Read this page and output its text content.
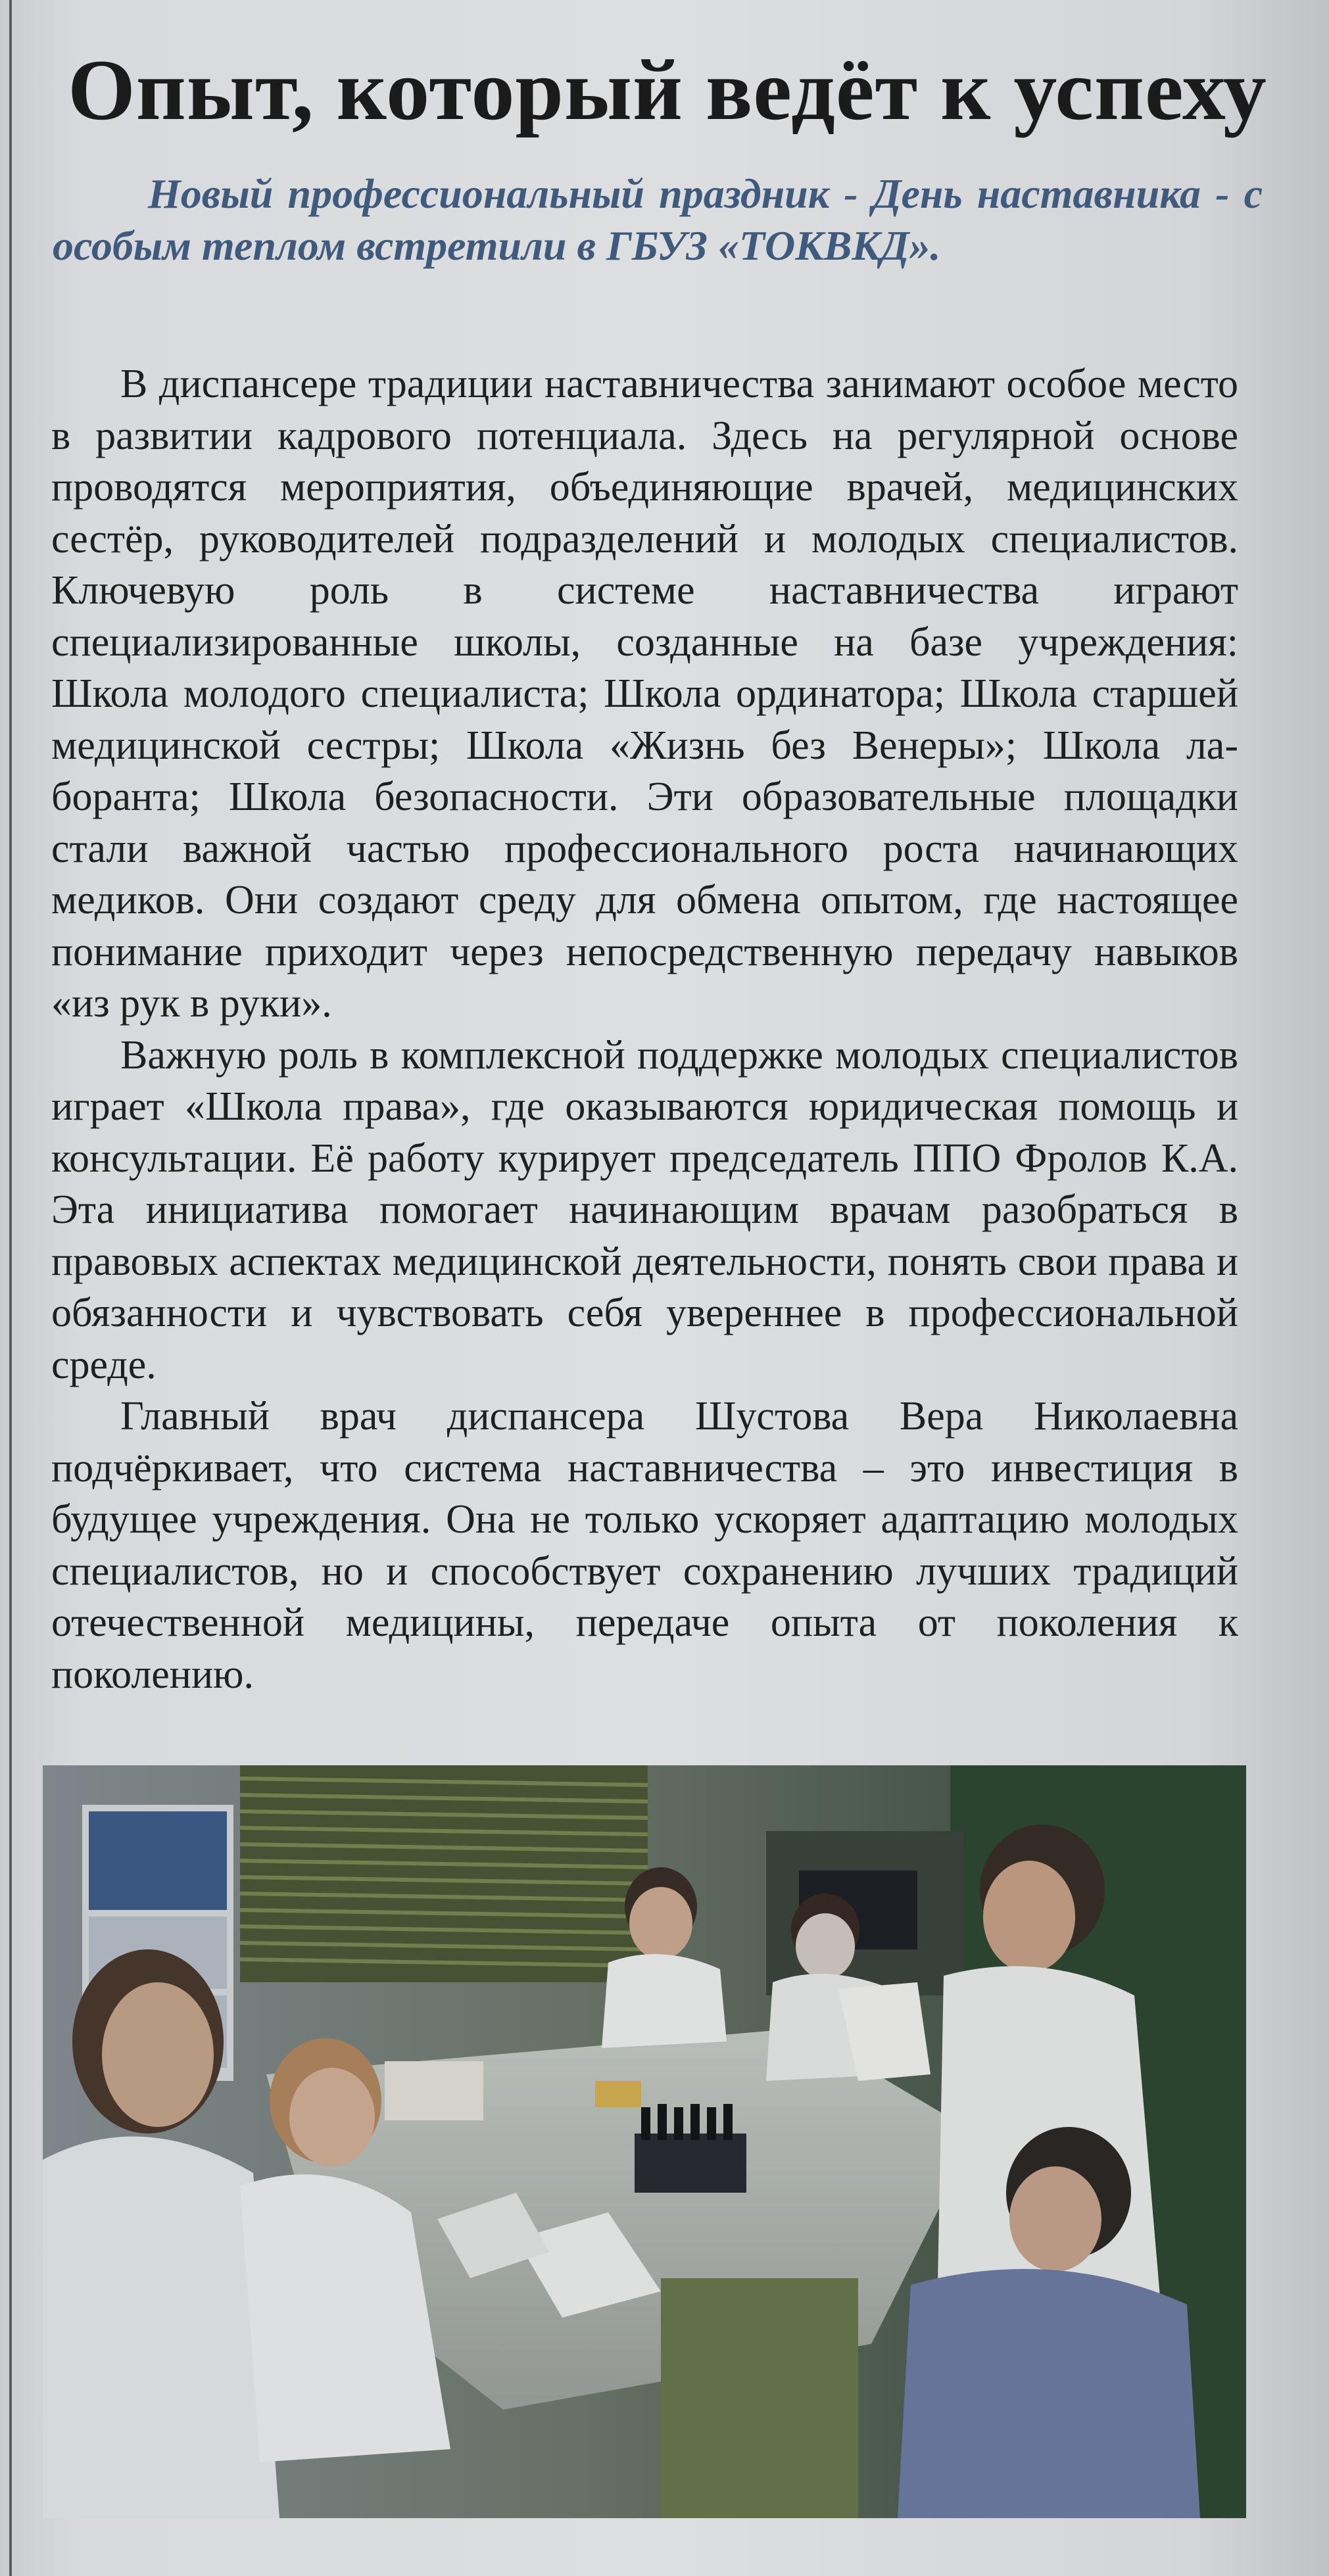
Опыт, который ведёт к успеху

Новый профессиональный праздник - День наставника - с особым теплом встретили в ГБУЗ «ТОКВКД».

В диспансере традиции наставничества занимают особое место в развитии кадрового потенциала. Здесь на регулярной основе проводятся мероприятия, объединяющие врачей, медицинских сестёр, руководителей подразделений и молодых специалистов. Ключевую роль в системе наставничества играют специализированные школы, созданные на базе учреждения: Школа молодого специалиста; Школа ординатора; Школа старшей медицинской сестры; Школа «Жизнь без Венеры»; Школа лаборанта; Школа безопасности. Эти образовательные площадки стали важной частью профессионального роста начинающих медиков. Они создают среду для обмена опытом, где настоящее понимание приходит через непосредственную передачу навыков «из рук в руки».

Важную роль в комплексной поддержке молодых специалистов играет «Школа права», где оказываются юридическая помощь и консультации. Её работу курирует председатель ППО Фролов К.А. Эта инициатива помогает начинающим врачам разобраться в правовых аспектах медицинской деятельности, понять свои права и обязанности и чувствовать себя увереннее в профессиональной среде.

Главный врач диспансера Шустова Вера Николаевна подчёркивает, что система наставничества – это инвестиция в будущее учреждения. Она не только ускоряет адаптацию молодых специалистов, но и способствует сохранению лучших традиций отечественной медицины, передаче опыта от поколения к поколению.
